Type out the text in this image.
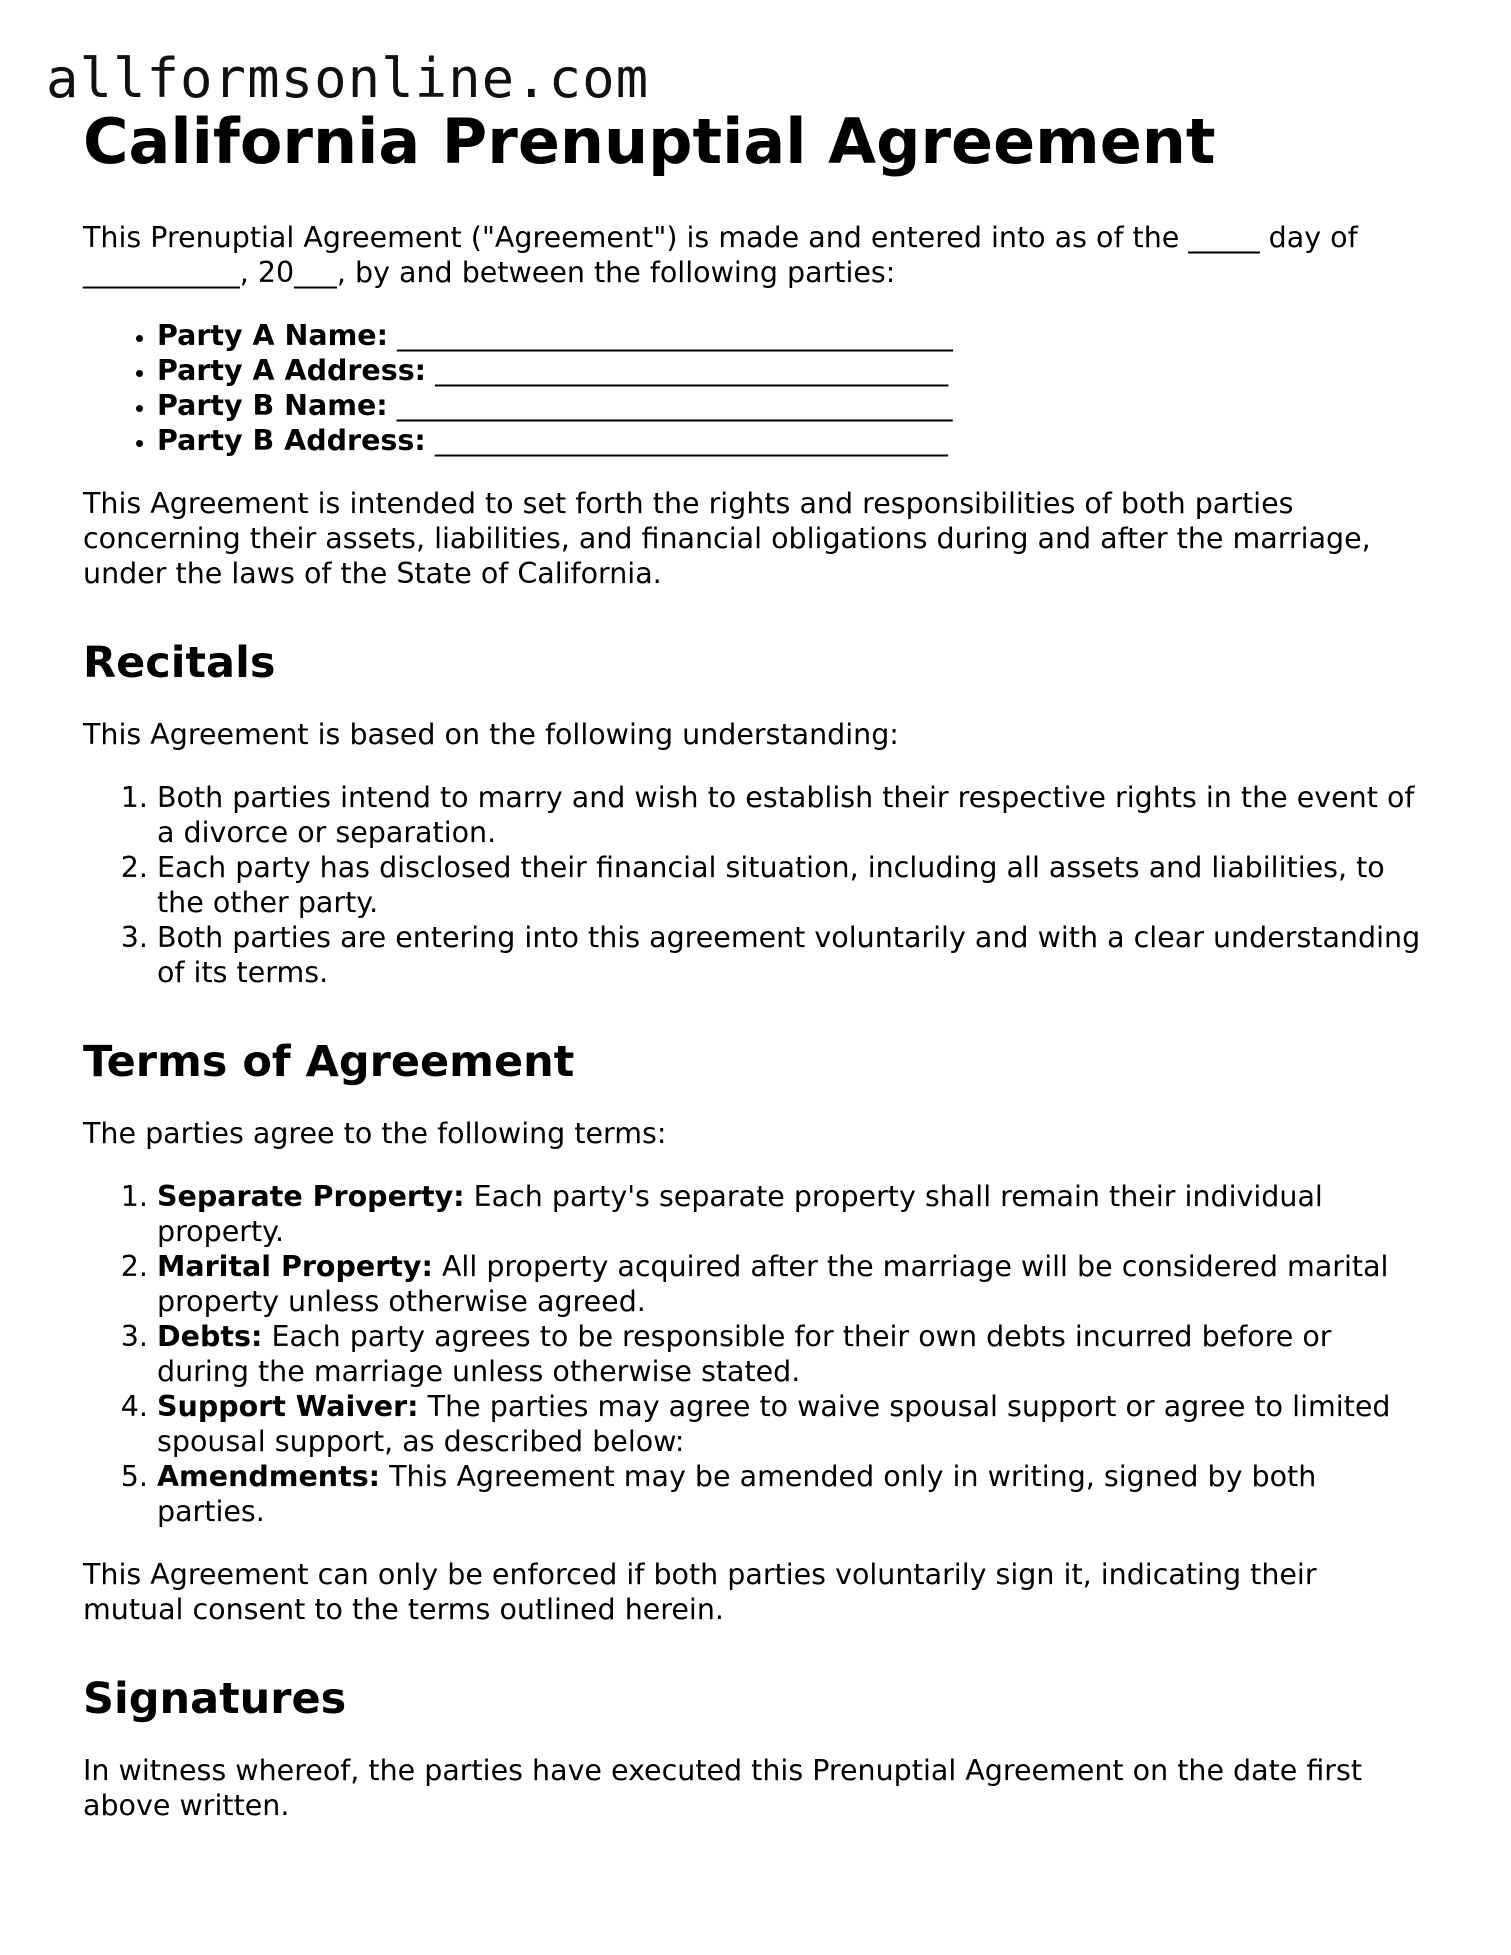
allformsonline.com
California Prenuptial Agreement

This Prenuptial Agreement ("Agreement") is made and entered into as of the _____ day of ___________, 20___, by and between the following parties:

• Party A Name: _______________________________________
• Party A Address: ____________________________________
• Party B Name: _______________________________________
• Party B Address: ____________________________________

This Agreement is intended to set forth the rights and responsibilities of both parties concerning their assets, liabilities, and financial obligations during and after the marriage, under the laws of the State of California.

Recitals

This Agreement is based on the following understanding:

1. Both parties intend to marry and wish to establish their respective rights in the event of a divorce or separation.
2. Each party has disclosed their financial situation, including all assets and liabilities, to the other party.
3. Both parties are entering into this agreement voluntarily and with a clear understanding of its terms.
Terms of Agreement

The parties agree to the following terms:

1. Separate Property: Each party's separate property shall remain their individual property.
2. Marital Property: All property acquired after the marriage will be considered marital property unless otherwise agreed.
3. Debts: Each party agrees to be responsible for their own debts incurred before or during the marriage unless otherwise stated.
4. Support Waiver: The parties may agree to waive spousal support or agree to limited spousal support, as described below:
5. Amendments: This Agreement may be amended only in writing, signed by both parties.

This Agreement can only be enforced if both parties voluntarily sign it, indicating their mutual consent to the terms outlined herein.

Signatures

In witness whereof, the parties have executed this Prenuptial Agreement on the date first above written.
